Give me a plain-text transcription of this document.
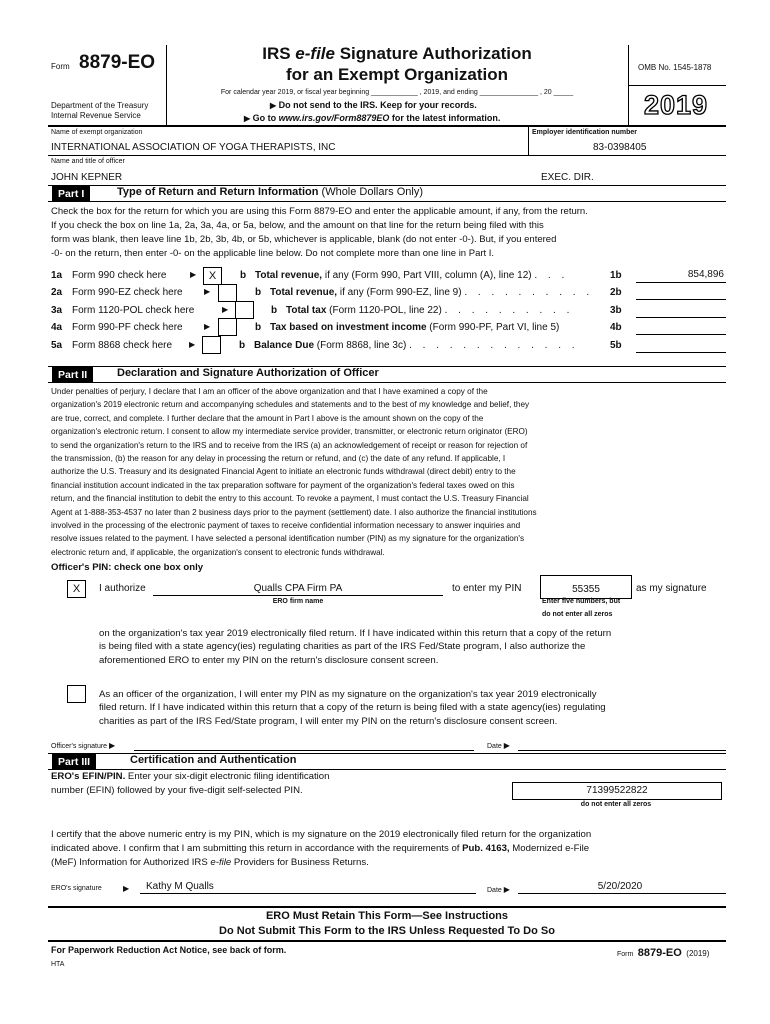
Form 8879-EO
Department of the Treasury
Internal Revenue Service
IRS e-file Signature Authorization
for an Exempt Organization
For calendar year 2019, or fiscal year beginning ____________ , 2019, and ending _______________ , 20 _____
▶ Do not send to the IRS. Keep for your records.
▶ Go to www.irs.gov/Form8879EO for the latest information.
OMB No. 1545-1878
2019
Name of exempt organization	Employer identification number
INTERNATIONAL ASSOCIATION OF YOGA THERAPISTS, INC	83-0398405
Name and title of officer
JOHN KEPNER	EXEC. DIR.
Part I	Type of Return and Return Information (Whole Dollars Only)
Check the box for the return for which you are using this Form 8879-EO and enter the applicable amount, if any, from the return.
If you check the box on line 1a, 2a, 3a, 4a, or 5a, below, and the amount on that line for the return being filed with this
form was blank, then leave line 1b, 2b, 3b, 4b, or 5b, whichever is applicable, blank (do not enter -0-). But, if you entered
-0- on the return, then enter -0- on the applicable line below. Do not complete more than one line in Part I.
1a Form 990 check here	▶	X	b Total revenue, if any (Form 990, Part VIII, column (A), line 12) . . .	1b	854,896
2a Form 990-EZ check here	▶	b Total revenue, if any (Form 990-EZ, line 9) . . . . . . . . . . 2b
3a Form 1120-POL check here	▶	b Total tax (Form 1120-POL, line 22) . . . . . . . . . .	3b
4a Form 990-PF check here	▶	b Tax based on investment income (Form 990-PF, Part VI, line 5)	4b
5a Form 8868 check here ▶	b Balance Due (Form 8868, line 3c) . . . . . . . . . . . . .	5b
Part II	Declaration and Signature Authorization of Officer
Under penalties of perjury, I declare that I am an officer of the above organization and that I have examined a copy of the
organization's 2019 electronic return and accompanying schedules and statements and to the best of my knowledge and belief, they
are true, correct, and complete. I further declare that the amount in Part I above is the amount shown on the copy of the
organization's electronic return. I consent to allow my intermediate service provider, transmitter, or electronic return originator (ERO)
to send the organization's return to the IRS and to receive from the IRS (a) an acknowledgement of receipt or reason for rejection of
the transmission, (b) the reason for any delay in processing the return or refund, and (c) the date of any refund. If applicable, I
authorize the U.S. Treasury and its designated Financial Agent to initiate an electronic funds withdrawal (direct debit) entry to the
financial institution account indicated in the tax preparation software for payment of the organization's federal taxes owed on this
return, and the financial institution to debit the entry to this account. To revoke a payment, I must contact the U.S. Treasury Financial
Agent at 1-888-353-4537 no later than 2 business days prior to the payment (settlement) date. I also authorize the financial institutions
involved in the processing of the electronic payment of taxes to receive confidential information necessary to answer inquiries and
resolve issues related to the payment. I have selected a personal identification number (PIN) as my signature for the organization's
electronic return and, if applicable, the organization's consent to electronic funds withdrawal.
Officer's PIN: check one box only
X	I authorize	Qualls CPA Firm PA
ERO firm name
to enter my PIN	55355	as my signature
Enter five numbers, but
do not enter all zeros
on the organization's tax year 2019 electronically filed return. If I have indicated within this return that a copy of the return
is being filed with a state agency(ies) regulating charities as part of the IRS Fed/State program, I also authorize the
aforementioned ERO to enter my PIN on the return's disclosure consent screen.
As an officer of the organization, I will enter my PIN as my signature on the organization's tax year 2019 electronically
filed return. If I have indicated within this return that a copy of the return is being filed with a state agency(ies) regulating
charities as part of the IRS Fed/State program, I will enter my PIN on the return's disclosure consent screen.
Officer's signature ▶	Date ▶
Part III	Certification and Authentication
ERO's EFIN/PIN. Enter your six-digit electronic filing identification
number (EFIN) followed by your five-digit self-selected PIN.	71399522822
do not enter all zeros
I certify that the above numeric entry is my PIN, which is my signature on the 2019 electronically filed return for the organization
indicated above. I confirm that I am submitting this return in accordance with the requirements of Pub. 4163, Modernized e-File
(MeF) Information for Authorized IRS e-file Providers for Business Returns.
ERO's signature	▶ Kathy M Qualls	Date ▶	5/20/2020
ERO Must Retain This Form—See Instructions
Do Not Submit This Form to the IRS Unless Requested To Do So
For Paperwork Reduction Act Notice, see back of form.
HTA
Form 8879-EO (2019)
